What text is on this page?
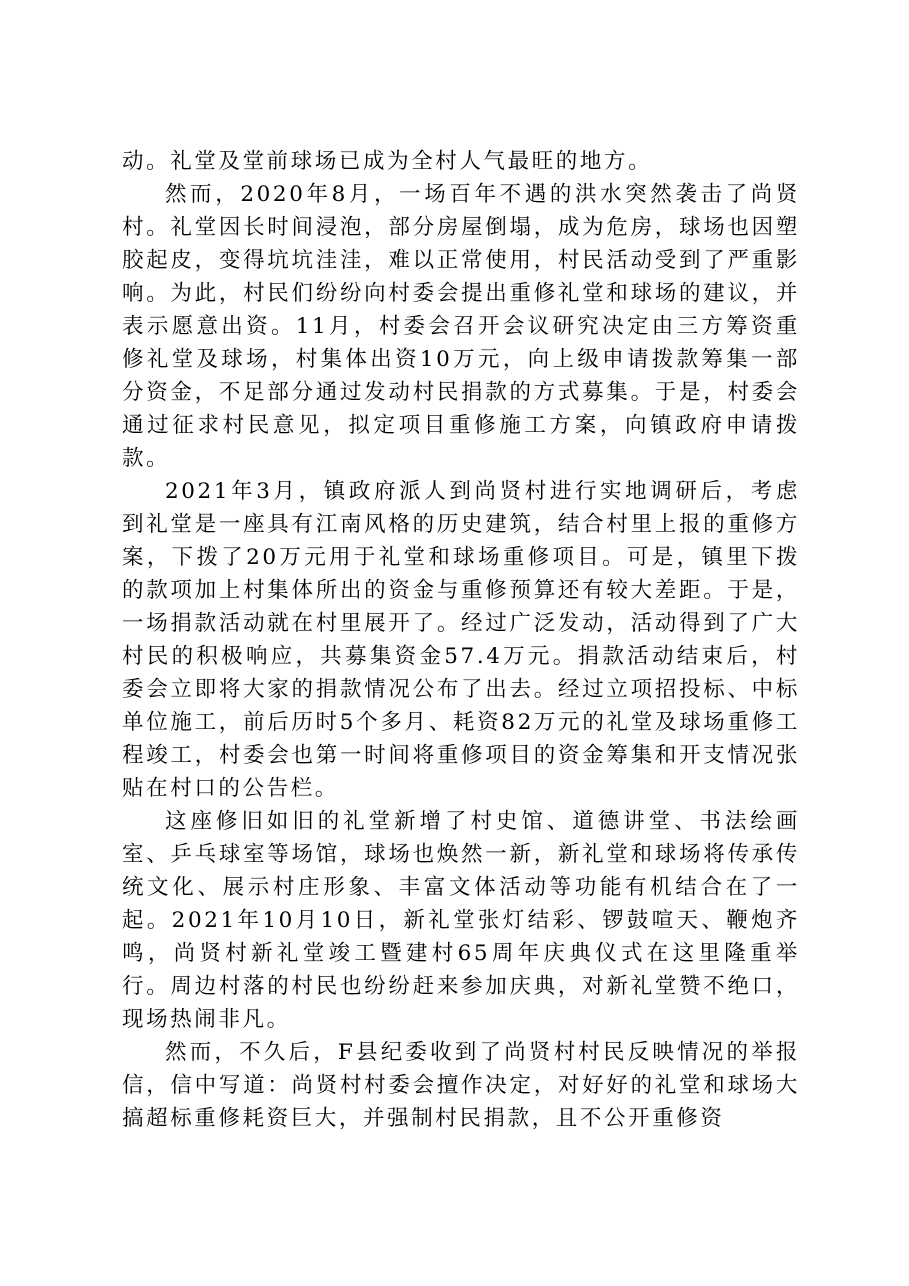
动。礼堂及堂前球场已成为全村人气最旺的地方。

然而，2020年8月，一场百年不遇的洪水突然袭击了尚贤村。礼堂因长时间浸泡，部分房屋倒塌，成为危房，球场也因塑胶起皮，变得坑坑洼洼，难以正常使用，村民活动受到了严重影响。为此，村民们纷纷向村委会提出重修礼堂和球场的建议，并表示愿意出资。11月，村委会召开会议研究决定由三方筹资重修礼堂及球场，村集体出资10万元，向上级申请拨款筹集一部分资金，不足部分通过发动村民捐款的方式募集。于是，村委会通过征求村民意见，拟定项目重修施工方案，向镇政府申请拨款。

2021年3月，镇政府派人到尚贤村进行实地调研后，考虑到礼堂是一座具有江南风格的历史建筑，结合村里上报的重修方案，下拨了20万元用于礼堂和球场重修项目。可是，镇里下拨的款项加上村集体所出的资金与重修预算还有较大差距。于是，一场捐款活动就在村里展开了。经过广泛发动，活动得到了广大村民的积极响应，共募集资金57.4万元。捐款活动结束后，村委会立即将大家的捐款情况公布了出去。经过立项招投标、中标单位施工，前后历时5个多月、耗资82万元的礼堂及球场重修工程竣工，村委会也第一时间将重修项目的资金筹集和开支情况张贴在村口的公告栏。

这座修旧如旧的礼堂新增了村史馆、道德讲堂、书法绘画室、乒乓球室等场馆，球场也焕然一新，新礼堂和球场将传承传统文化、展示村庄形象、丰富文体活动等功能有机结合在了一起。2021年10月10日，新礼堂张灯结彩、锣鼓喧天、鞭炮齐鸣，尚贤村新礼堂竣工暨建村65周年庆典仪式在这里隆重举行。周边村落的村民也纷纷赶来参加庆典，对新礼堂赞不绝口，现场热闹非凡。

然而，不久后，F县纪委收到了尚贤村村民反映情况的举报信，信中写道：尚贤村村委会擅作决定，对好好的礼堂和球场大搞超标重修耗资巨大，并强制村民捐款，且不公开重修资
